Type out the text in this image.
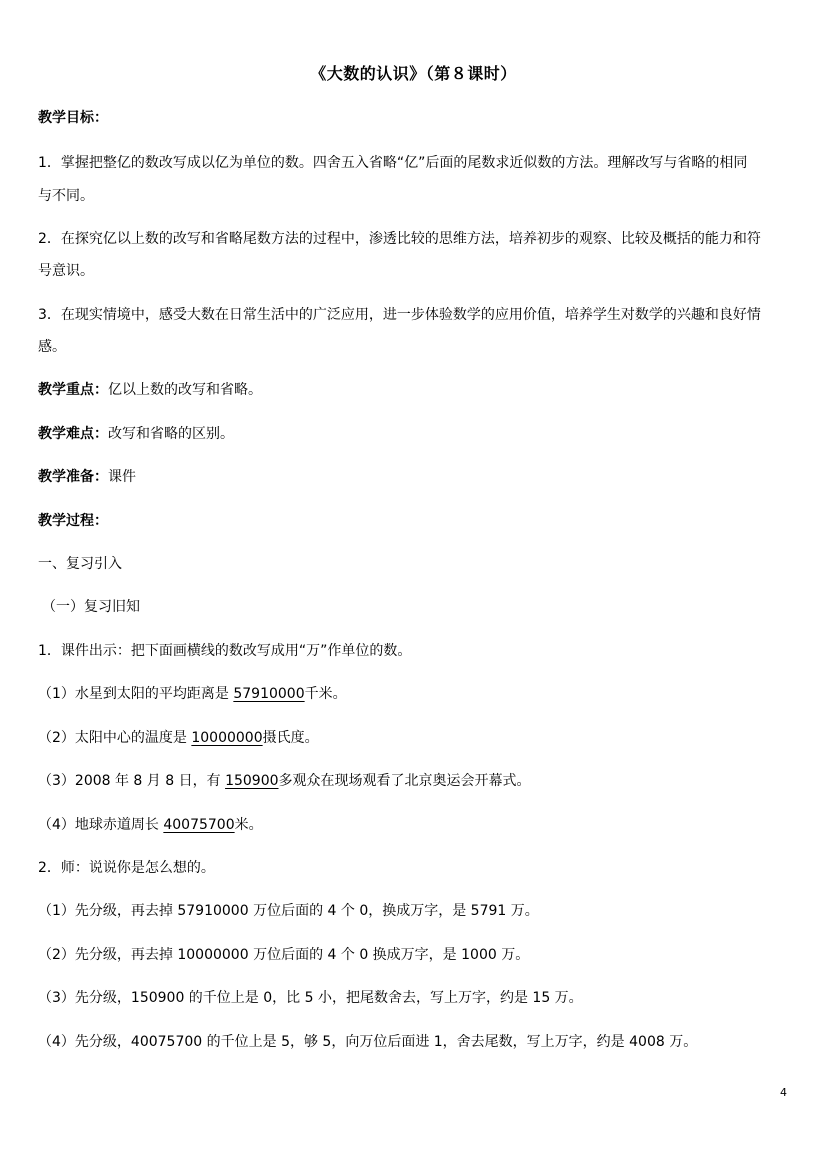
《大数的认识》（第８课时）
教学目标：
1．掌握把整亿的数改写成以亿为单位的数。四舍五入省略“亿”后面的尾数求近似数的方法。理解改写与省略的相同
与不同。
2．在探究亿以上数的改写和省略尾数方法的过程中，渗透比较的思维方法，培养初步的观察、比较及概括的能力和符
号意识。
3．在现实情境中，感受大数在日常生活中的广泛应用，进一步体验数学的应用价值，培养学生对数学的兴趣和良好情
感。
教学重点：亿以上数的改写和省略。
教学难点：改写和省略的区别。
教学准备：课件
教学过程：
一、复习引入
（一）复习旧知
1．课件出示：把下面画横线的数改写成用“万”作单位的数。
（1）水星到太阳的平均距离是 57910000千米。
（2）太阳中心的温度是 10000000摄氏度。
（3）2008 年 8 月 8 日，有 150900多观众在现场观看了北京奥运会开幕式。
（4）地球赤道周长 40075700米。
2．师：说说你是怎么想的。
（1）先分级，再去掉 57910000 万位后面的 4 个 0，换成万字，是 5791 万。
（2）先分级，再去掉 10000000 万位后面的 4 个 0 换成万字，是 1000 万。
（3）先分级，150900 的千位上是 0，比 5 小，把尾数舍去，写上万字，约是 15 万。
（4）先分级，40075700 的千位上是 5，够 5，向万位后面进 1，舍去尾数，写上万字，约是 4008 万。
4
